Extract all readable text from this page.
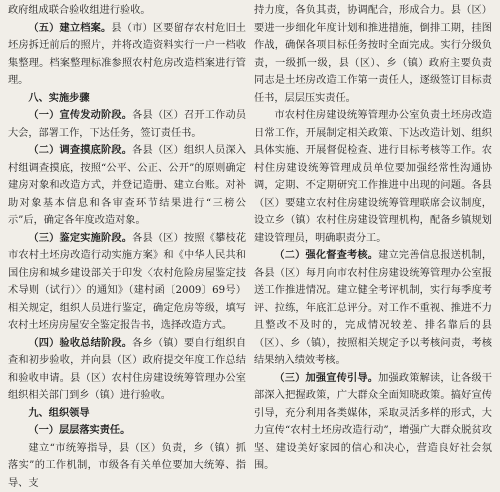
政府组成联合验收组进行验收。

（五）建立档案。县（市）区要留存农村危旧土坯房拆迁前后的照片，并将改造资料实行一户一档收集整理。档案整理标准参照农村危房改造档案进行管理。

八、实施步骤

（一）宣传发动阶段。各县（区）召开工作动员大会，部署工作，下达任务，签订责任书。

（二）调查摸底阶段。各县（区）组织人员深入村组调查摸底，按照“公平、公正、公开”的原则确定建房对象和改造方式，并登记造册、建立台账。对补助对象基本信息和各审查环节结果进行“三榜公示”后，确定各年度改造对象。

（三）鉴定实施阶段。各县（区）按照《攀枝花市农村土坯房改造行动实施方案》和《中华人民共和国住房和城乡建设部关于印发〈农村危险房屋鉴定技术导则（试行）〉的通知》（建村函〔2009〕69号）相关规定，组织人员进行鉴定，确定危房等级，填写农村土坯房房屋安全鉴定报告书，选择改造方式。

（四）验收总结阶段。各乡（镇）要自行组织自查和初步验收，并向县（区）政府提交年度工作总结和验收申请。县（区）农村住房建设统筹管理办公室组织相关部门到乡（镇）进行验收。

九、组织领导

（一）层层落实责任。

建立“市统筹指导，县（区）负责，乡（镇）抓落实”的工作机制，市级各有关单位要加大统筹、指导、支

持力度，各负其责，协调配合，形成合力。县（区）要进一步细化年度计划和推进措施，倒排工期，挂图作战，确保各项目标任务按时全面完成。实行分级负责，一级抓一级，县（区）、乡（镇）政府主要负责同志是土坯房改造工作第一责任人，逐级签订目标责任书，层层压实责任。

市农村住房建设统筹管理办公室负责土坯房改造日常工作，开展制定相关政策、下达改造计划、组织具体实施、开展督促检查、进行目标考核等工作。农村住房建设统筹管理成员单位要加强经常性沟通协调，定期、不定期研究工作推进中出现的问题。各县（区）要建立农村住房建设统筹管理联席会议制度，设立乡（镇）农村住房建设管理机构，配备乡镇规划建设管理员，明确职责分工。

（二）强化督查考核。建立完善信息报送机制，各县（区）每月向市农村住房建设统筹管理办公室报送工作推进情况。建立健全考评机制，实行每季度考评、拉练，年底汇总评分。对工作不重视、推进不力且整改不及时的，完成情况较差、排名靠后的县（区）、乡（镇），按照相关规定予以考核问责，考核结果纳入绩效考核。

（三）加强宣传引导。加强政策解读，让各级干部深入把握政策，广大群众全面知晓政策。搞好宣传引导，充分利用各类媒体，采取灵活多样的形式，大力宣传“农村土坯房改造行动”，增强广大群众脱贫攻坚、建设美好家园的信心和决心，营造良好社会氛围。
